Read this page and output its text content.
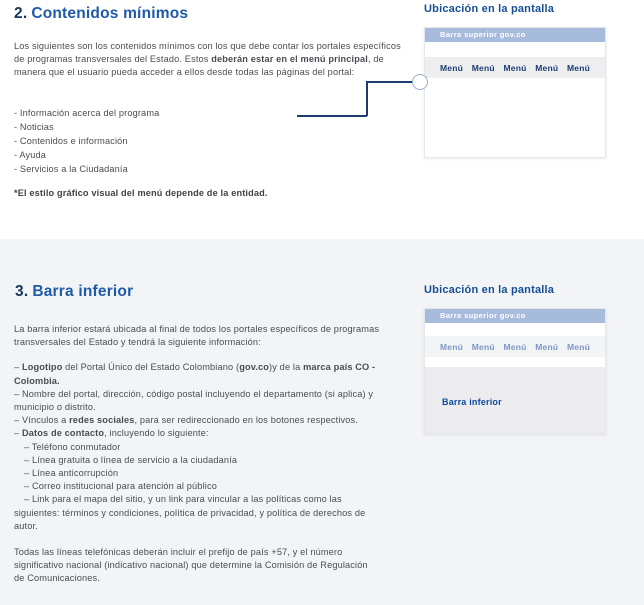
2. Contenidos mínimos
Los siguientes son los contenidos mínimos con los que debe contar los portales específicos de programas transversales del Estado. Estos deberán estar en el menú principal, de manera que el usuario pueda acceder a ellos desde todas las páginas del portal:
- Información acerca del programa
- Noticias
- Contenidos e información
- Ayuda
- Servicios a la Ciudadanía
*El estilo gráfico visual del menú depende de la entidad.
Ubicación en la pantalla
Barra superior gov.co
Menú Menú Menú Menú Menú
3. Barra inferior
La barra inferior estará ubicada al final de todos los portales específicos de programas transversales del Estado y tendrá la siguiente información:
– Logotipo del Portal Único del Estado Colombiano (gov.co)y de la marca país CO - Colombia.
– Nombre del portal, dirección, código postal incluyendo el departamento (si aplica) y municipio o distrito.
– Vínculos a redes sociales, para ser redireccionado en los botones respectivos.
– Datos de contacto, incluyendo lo siguiente:
– Teléfono conmutador
– Línea gratuita o línea de servicio a la ciudadanía
– Línea anticorrupción
– Correo institucional para atención al público
– Link para el mapa del sitio, y un link para vincular a las políticas como las siguientes: términos y condiciones, política de privacidad, y política de derechos de autor.
Todas las líneas telefónicas deberán incluir el prefijo de país +57, y el número significativo nacional (indicativo nacional) que determine la Comisión de Regulación de Comunicaciones.
Ubicación en la pantalla
Barra superior gov.co
Menú Menú Menú Menú Menú
Barra inferior
